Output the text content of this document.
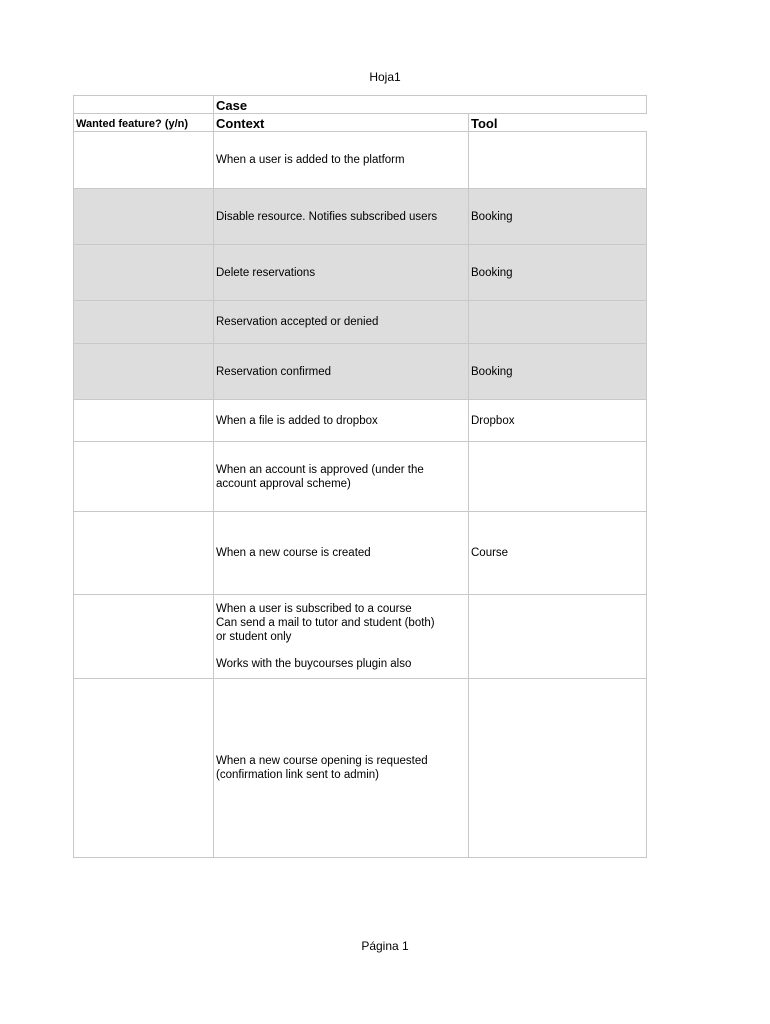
Hoja1
	Case	
Wanted feature? (y/n)	Context	Tool

	When a user is added to the platform	

	Disable resource. Notifies subscribed users	Booking

	Delete reservations	Booking

	Reservation accepted or denied	

	Reservation confirmed	Booking

	When a file is added to dropbox	Dropbox

	When an account is approved (under the
account approval scheme)	

	When a new course is created	Course

	When a user is subscribed to a course
Can send a mail to tutor and student (both)
or student only
Works with the buycourses plugin also	

	When a new course opening is requested
(confirmation link sent to admin)	

Página 1
